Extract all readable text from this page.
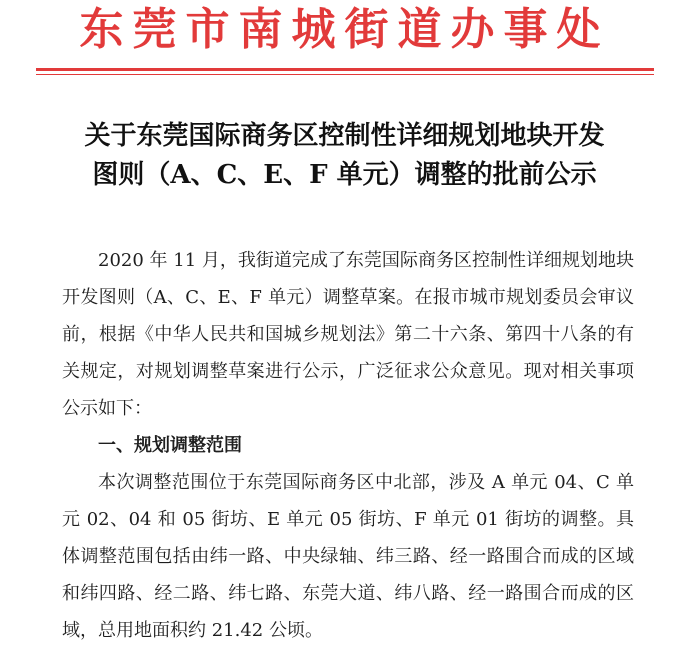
东莞市南城街道办事处
关于东莞国际商务区控制性详细规划地块开发
图则（A、C、E、F 单元）调整的批前公示

2020 年 11 月，我街道完成了东莞国际商务区控制性详细规划地块开发图则（A、C、E、F 单元）调整草案。在报市城市规划委员会审议前，根据《中华人民共和国城乡规划法》第二十六条、第四十八条的有关规定，对规划调整草案进行公示，广泛征求公众意见。现对相关事项公示如下：

一、规划调整范围

本次调整范围位于东莞国际商务区中北部，涉及 A 单元 04、C 单元 02、04 和 05 街坊、E 单元 05 街坊、F 单元 01 街坊的调整。具体调整范围包括由纬一路、中央绿轴、纬三路、经一路围合而成的区域和纬四路、经二路、纬七路、东莞大道、纬八路、经一路围合而成的区域，总用地面积约 21.42 公顷。
